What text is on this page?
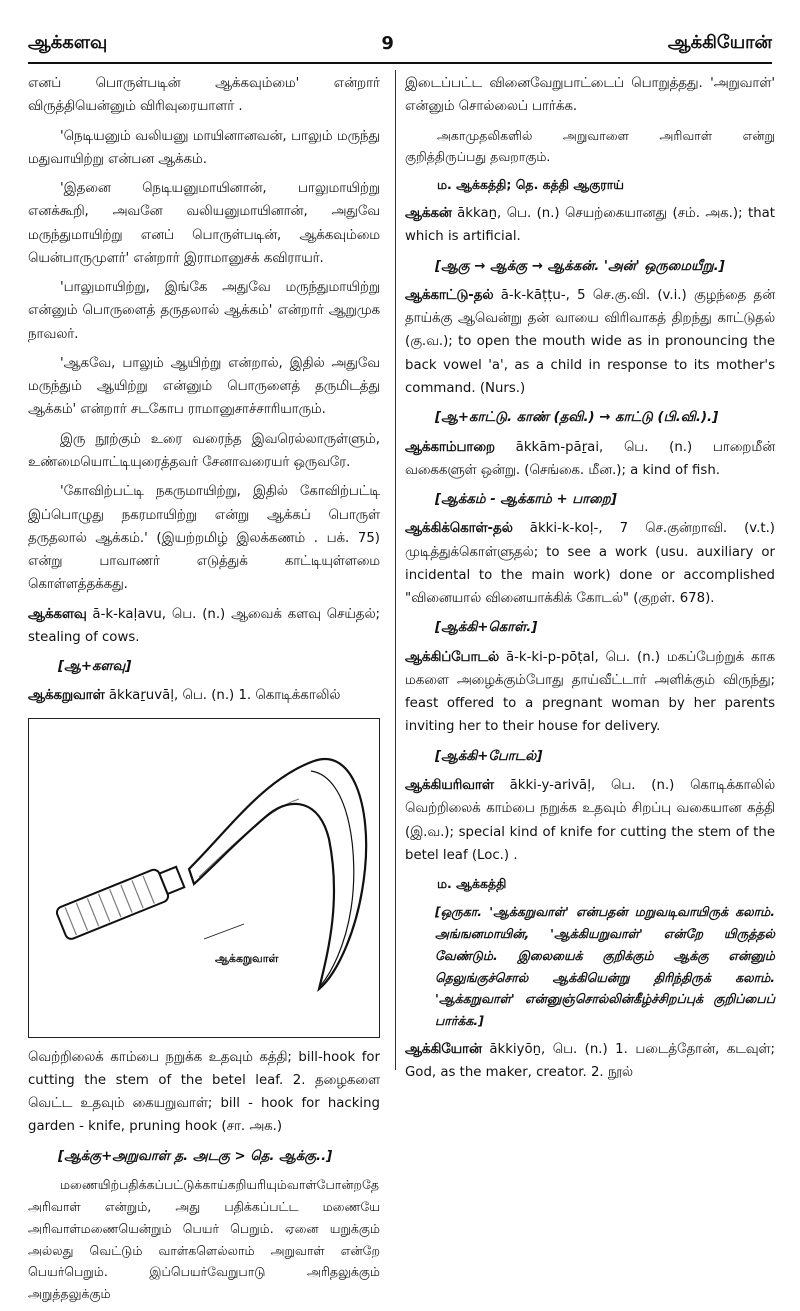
ஆக்களவு	9	ஆக்கியோன்

எனப் பொருள்படின் ஆக்கவும்மை' என்றார் விருத்தியென்னும் விரிவுரையாளர் .

'நெடியனும் வலியனு மாயினானவன், பாலும் மருந்து மதுவாயிற்று என்பன ஆக்கம்.

'இதனை நெடியனுமாயினான், பாலுமாயிற்று எனக்கூறி, அவனே வலியனுமாயினான், அதுவே மருந்துமாயிற்று எனப் பொருள்படின், ஆக்கவும்மை யென்பாருமுளர்' என்றார் இராமானுசக் கவிராயர்.

'பாலுமாயிற்று, இங்கே அதுவே மருந்துமாயிற்று என்னும் பொருளைத் தருதலால் ஆக்கம்' என்றார் ஆறுமுக நாவலர்.

'ஆகவே, பாலும் ஆயிற்று என்றால், இதில் அதுவே மருந்தும் ஆயிற்று என்னும் பொருளைத் தருமிடத்து ஆக்கம்' என்றார் சடகோப ராமானுசாச்சாரியாரும்.

இரு நூற்கும் உரை வரைந்த இவரெல்லாருள்ளும், உண்மையொட்டியுரைத்தவர் சேனாவரையர் ஒருவரே.

'கோவிற்பட்டி நகருமாயிற்று, இதில் கோவிற்பட்டி இப்பொழுது நகரமாயிற்று என்று ஆக்கப் பொருள் தருதலால் ஆக்கம்.' (இயற்றமிழ் இலக்கணம் . பக். 75) என்று பாவாணர் எடுத்துக் காட்டியுள்ளமை கொள்ளத்தக்கது.

ஆக்களவு ā-k-kaḷavu, பெ. (n.) ஆவைக் களவு செய்தல்; stealing of cows.

[ஆ+களவு]

ஆக்கறுவாள் ākkaṟuvāḷ, பெ. (n.) 1. கொடிக்காலில்

ஆக்கறுவாள்

வெற்றிலைக் காம்பை நறுக்க உதவும் கத்தி; bill-hook for cutting the stem of the betel leaf. 2. தழைகளை வெட்ட உதவும் கையறுவாள்; bill - hook for hacking garden - knife, pruning hook (சா. அக.)

[ஆக்கு+அறுவாள் த. அடகு > தெ. ஆக்கு..]

மணையிற்பதிக்கப்பட்டுக்காய்கறியரியும்வாள்போன்றதே அரிவாள் என்றும், அது பதிக்கப்பட்ட மணையே அரிவாள்மணையென்றும் பெயர் பெறும். ஏனை யறுக்கும் அல்லது வெட்டும் வாள்களெல்லாம் அறுவாள் என்றே பெயர்பெறும். இப்பெயர்வேறுபாடு அரிதலுக்கும் அறுத்தலுக்கும்

இடைப்பட்ட வினைவேறுபாட்டைப் பொறுத்தது. 'அறுவாள்' என்னும் சொல்லைப் பார்க்க.

அகாமுதலிகளில் அறுவாளை அரிவாள் என்று குறித்திருப்பது தவறாகும்.

ம. ஆக்கத்தி; தெ. கத்தி ஆகுராய்

ஆக்கன் ākkaṉ, பெ. (n.) செயற்கையானது (சம். அக.); that which is artificial.

[ஆகு → ஆக்கு → ஆக்கன். 'அன்' ஒருமையீறு.]

ஆக்காட்டு-தல் ā-k-kāṭṭu-, 5 செ.கு.வி. (v.i.) குழந்தை தன் தாய்க்கு ஆவென்று தன் வாயை விரிவாகத் திறந்து காட்டுதல் (கு.வ.); to open the mouth wide as in pronouncing the back vowel 'a', as a child in response to its mother's command. (Nurs.)

[ஆ+காட்டு. காண் (தவி.) → காட்டு (பி.வி.).]

ஆக்காம்பாறை ākkām-pāṟai, பெ. (n.) பாறைமீன் வகைகளுள் ஒன்று. (செங்கை. மீன.); a kind of fish.

[ஆக்கம் - ஆக்காம் + பாறை]

ஆக்கிக்கொள்-தல் ākki-k-koḷ-, 7 செ.குன்றாவி. (v.t.) முடித்துக்கொள்ளுதல்; to see a work (usu. auxiliary or incidental to the main work) done or accomplished "வினையால் வினையாக்கிக் கோடல்" (குறள். 678).

[ஆக்கி+கொள்.]

ஆக்கிப்போடல் ā-k-ki-p-pōṭal, பெ. (n.) மகப்பேற்றுக் காக மகளை அழைக்கும்போது தாய்வீட்டார் அளிக்கும் விருந்து; feast offered to a pregnant woman by her parents inviting her to their house for delivery.

[ஆக்கி+போடல்]

ஆக்கியரிவாள் ākki-y-arivāḷ, பெ. (n.) கொடிக்காலில் வெற்றிலைக் காம்பை நறுக்க உதவும் சிறப்பு வகையான கத்தி (இ.வ.); special kind of knife for cutting the stem of the betel leaf (Loc.) .

ம. ஆக்கத்தி

[ஒருகா. 'ஆக்கறுவாள்' என்பதன் மறுவடிவாயிருக் கலாம். அங்ஙனமாயின், 'ஆக்கியறுவாள்' என்றே யிருத்தல் வேண்டும். இலையைக் குறிக்கும் ஆக்கு என்னும் தெலுங்குச்சொல் ஆக்கியென்று திரிந்திருக் கலாம். 'ஆக்கறுவாள்' என்னுஞ்சொல்லின்கீழ்ச்சிறப்புக் குறிப்பைப் பார்க்க.]

ஆக்கியோன் ākkiyōṉ, பெ. (n.) 1. படைத்தோன், கடவுள்; God, as the maker, creator. 2. நூல்
